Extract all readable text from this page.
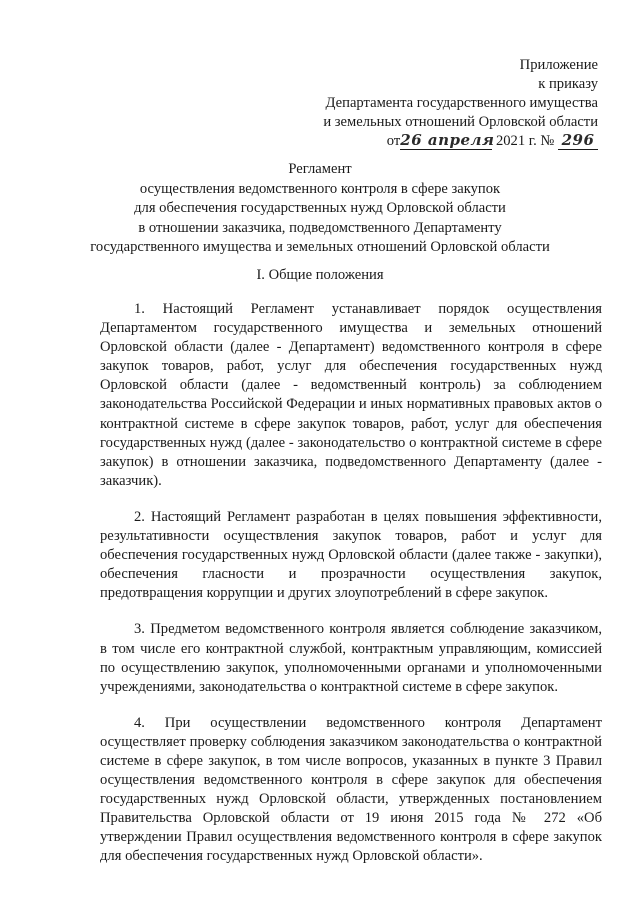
Приложение
к приказу
Департамента государственного имущества
и земельных отношений Орловской области
от26 апреля 2021 г. № 296
Регламент
осуществления ведомственного контроля в сфере закупок
для обеспечения государственных нужд Орловской области
в отношении заказчика, подведомственного Департаменту
государственного имущества и земельных отношений Орловской области
I. Общие положения

1. Настоящий Регламент устанавливает порядок осуществления Департаментом государственного имущества и земельных отношений Орловской области (далее - Департамент) ведомственного контроля в сфере закупок товаров, работ, услуг для обеспечения государственных нужд Орловской области (далее - ведомственный контроль) за соблюдением законодательства Российской Федерации и иных нормативных правовых актов о контрактной системе в сфере закупок товаров, работ, услуг для обеспечения государственных нужд (далее - законодательство о контрактной системе в сфере закупок) в отношении заказчика, подведомственного Департаменту (далее - заказчик).

2. Настоящий Регламент разработан в целях повышения эффективности, результативности осуществления закупок товаров, работ и услуг для обеспечения государственных нужд Орловской области (далее также - закупки), обеспечения гласности и прозрачности осуществления закупок, предотвращения коррупции и других злоупотреблений в сфере закупок.

3. Предметом ведомственного контроля является соблюдение заказчиком, в том числе его контрактной службой, контрактным управляющим, комиссией по осуществлению закупок, уполномоченными органами и уполномоченными учреждениями, законодательства о контрактной системе в сфере закупок.

4. При осуществлении ведомственного контроля Департамент осуществляет проверку соблюдения заказчиком законодательства о контрактной системе в сфере закупок, в том числе вопросов, указанных в пункте 3 Правил осуществления ведомственного контроля в сфере закупок для обеспечения государственных нужд Орловской области, утвержденных постановлением Правительства Орловской области от 19 июня 2015 года № 272 «Об утверждении Правил осуществления ведомственного контроля в сфере закупок для обеспечения государственных нужд Орловской области».
